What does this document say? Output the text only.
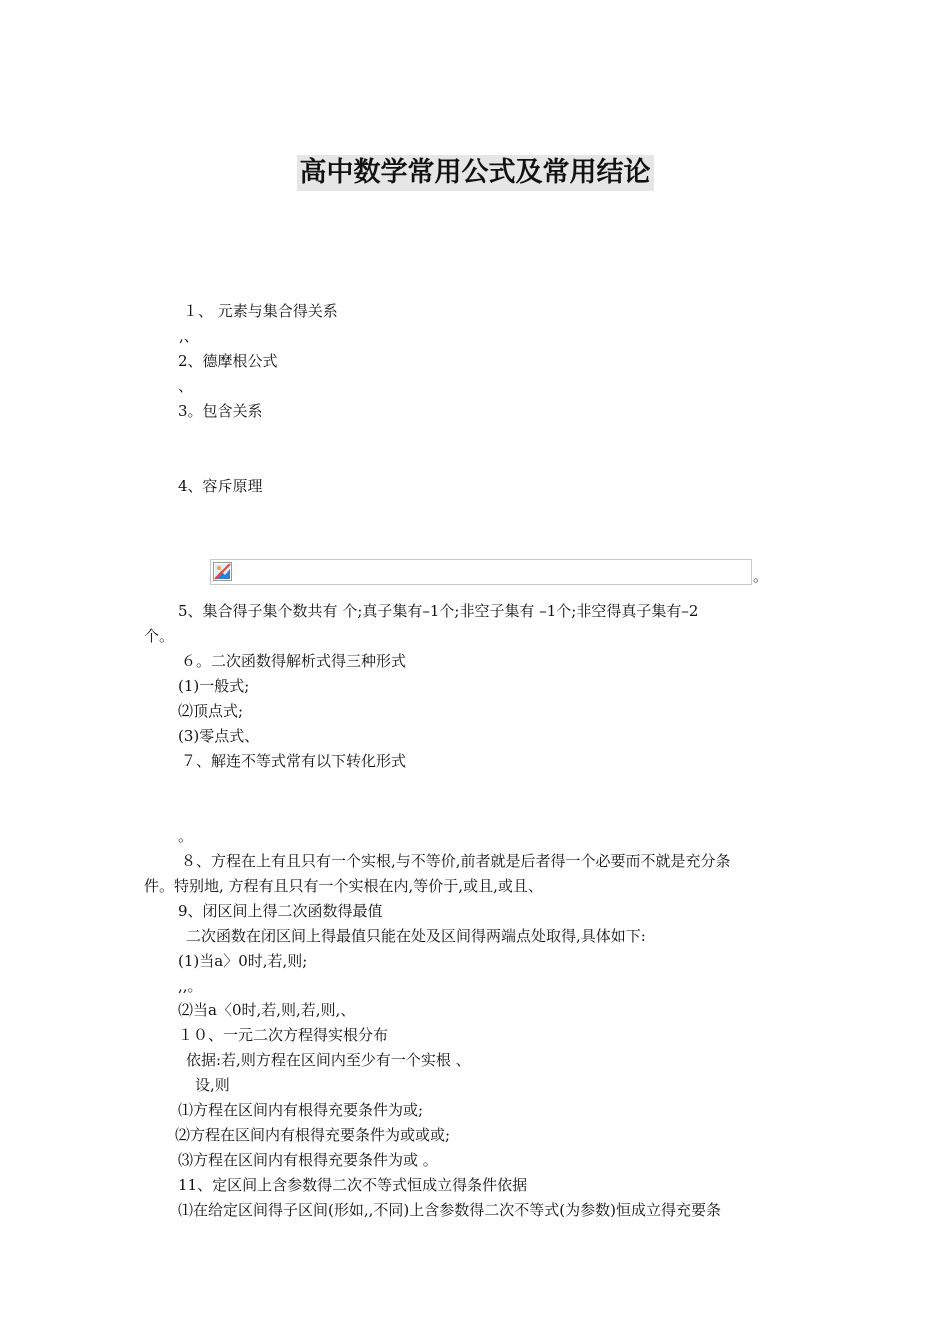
高中数学常用公式及常用结论
１、 元素与集合得关系
,、
2、德摩根公式
、
3。包含关系
4、容斥原理
。
5、集合得子集个数共有 个;真子集有–1个;非空子集有 –1个;非空得真子集有–2
个。
６。二次函数得解析式得三种形式
(1)一般式;
⑵顶点式;
(3)零点式、
７、解连不等式常有以下转化形式
。
８、方程在上有且只有一个实根,与不等价,前者就是后者得一个必要而不就是充分条
件。特别地, 方程有且只有一个实根在内,等价于,或且,或且、
9、闭区间上得二次函数得最值
二次函数在闭区间上得最值只能在处及区间得两端点处取得,具体如下:
(1)当a〉0时,若,则;
,,。
⑵当a〈0时,若,则,若,则,、
１０、一元二次方程得实根分布
依据:若,则方程在区间内至少有一个实根 、
设,则
⑴方程在区间内有根得充要条件为或;
⑵方程在区间内有根得充要条件为或或或;
⑶方程在区间内有根得充要条件为或 。
11、定区间上含参数得二次不等式恒成立得条件依据
⑴在给定区间得子区间(形如,,不同)上含参数得二次不等式(为参数)恒成立得充要条
